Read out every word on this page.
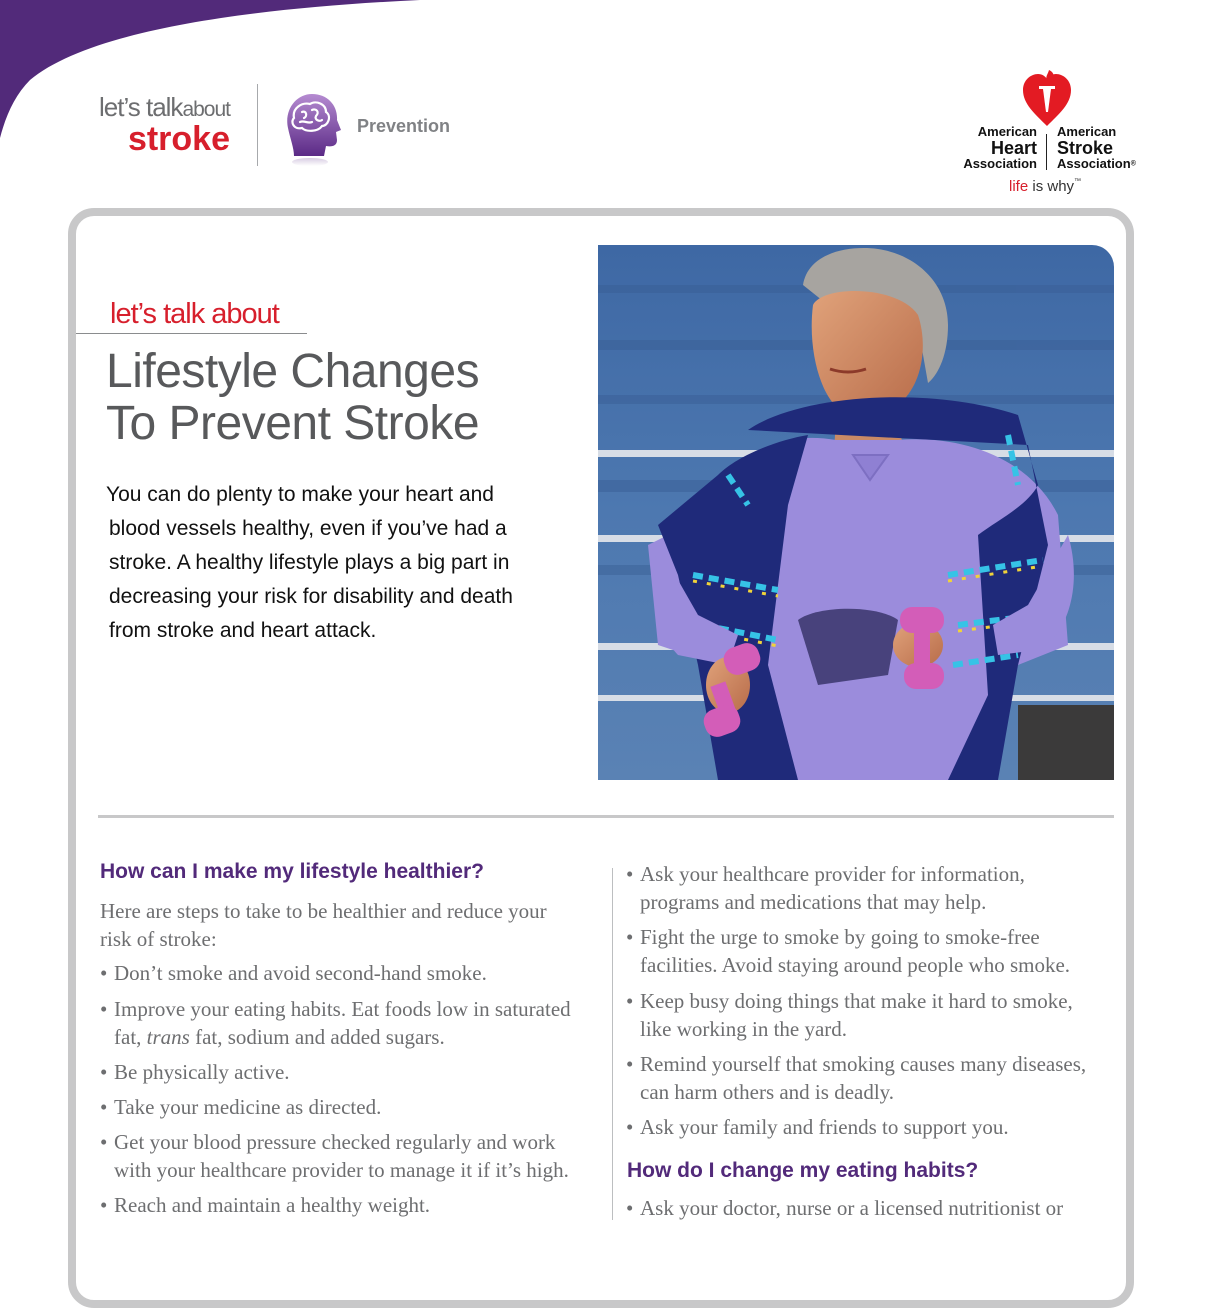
let’s talkabout
stroke	Prevention	American
Heart
Association
American
Stroke
Association®
life is why™
let’s talk about
Lifestyle Changes
To Prevent Stroke
You can do plenty to make your heart and
blood vessels healthy, even if you’ve had a
stroke. A healthy lifestyle plays a big part in
decreasing your risk for disability and death
from stroke and heart attack.
How can I make my lifestyle healthier?
Here are steps to take to be healthier and reduce your
risk of stroke:
• Don’t smoke and avoid second-hand smoke.
• Improve your eating habits. Eat foods low in saturated
fat, trans fat, sodium and added sugars.
• Be physically active.
• Take your medicine as directed.
• Get your blood pressure checked regularly and work
with your healthcare provider to manage it if it’s high.
• Reach and maintain a healthy weight.
• Ask your healthcare provider for information,
programs and medications that may help.
• Fight the urge to smoke by going to smoke-free
facilities. Avoid staying around people who smoke.
• Keep busy doing things that make it hard to smoke,
like working in the yard.
• Remind yourself that smoking causes many diseases,
can harm others and is deadly.
• Ask your family and friends to support you.
How do I change my eating habits?
• Ask your doctor, nurse or a licensed nutritionist or
